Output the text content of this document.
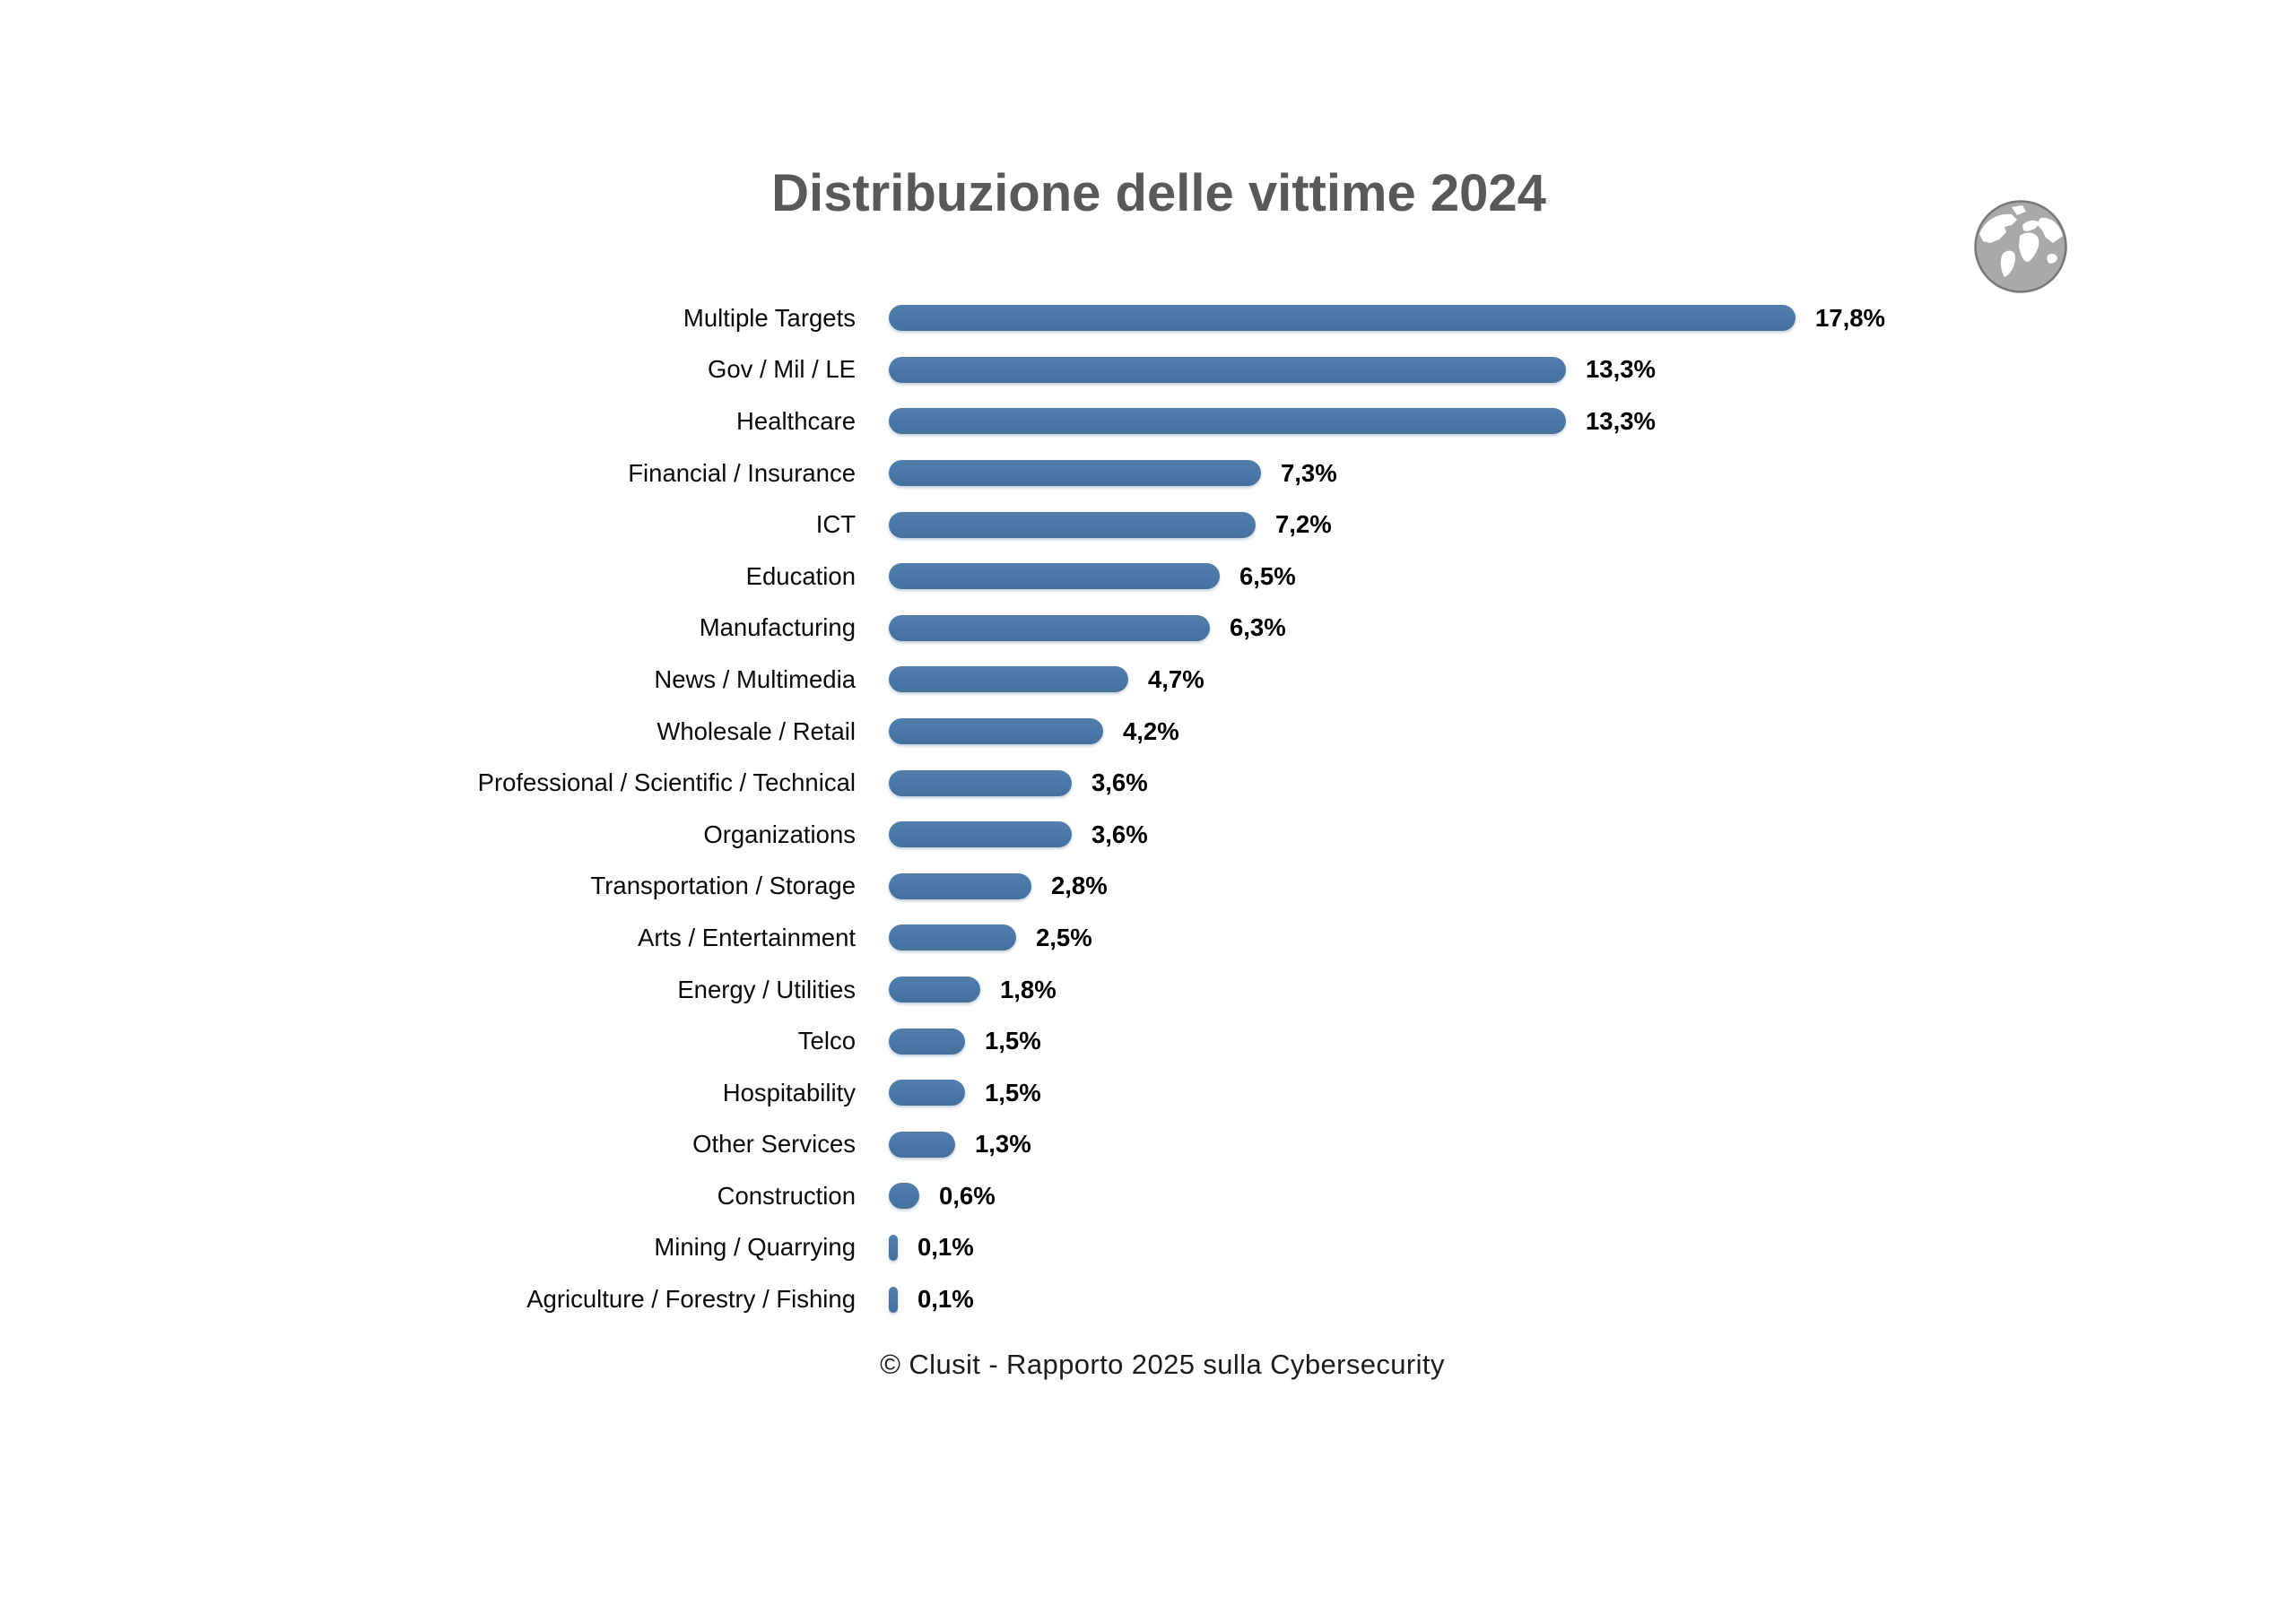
Distribuzione delle vittime 2024
Multiple Targets	17,8%
Gov / Mil / LE	13,3%
Healthcare	13,3%
Financial / Insurance	7,3%
ICT	7,2%
Education	6,5%
Manufacturing	6,3%
News / Multimedia	4,7%
Wholesale / Retail	4,2%
Professional / Scientific / Technical	3,6%
Organizations	3,6%
Transportation / Storage	2,8%
Arts / Entertainment	2,5%
Energy / Utilities	1,8%
Telco	1,5%
Hospitability	1,5%
Other Services	1,3%
Construction	0,6%
Mining / Quarrying	0,1%
Agriculture / Forestry / Fishing	0,1%
© Clusit - Rapporto 2025 sulla Cybersecurity
